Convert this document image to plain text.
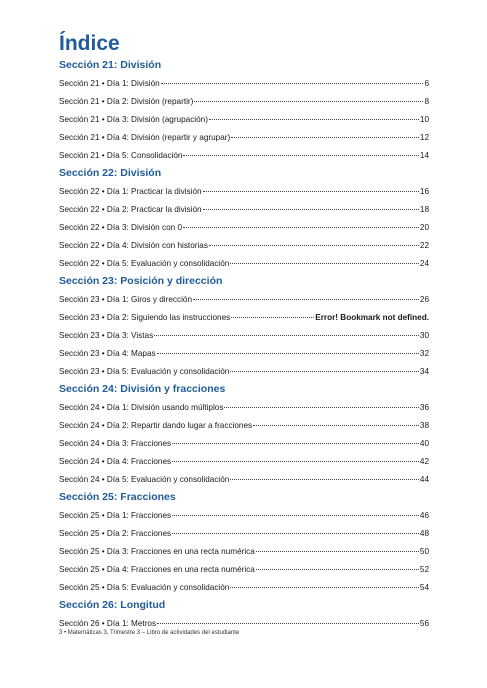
Índice
Sección 21: División
Sección 21 • Día 1: División	6
Sección 21 • Día 2: División (repartir)	8
Sección 21 • Día 3: División (agrupación)	10
Sección 21 • Día 4: División (repartir y agrupar)	12
Sección 21 • Día 5: Consolidación	14
Sección 22: División
Sección 22 • Día 1: Practicar la división	16
Sección 22 • Día 2: Practicar la división	18
Sección 22 • Día 3: División con 0	20
Sección 22 • Día 4: División con historias	22
Sección 22 • Día 5: Evaluación y consolidación	24
Sección 23: Posición y dirección
Sección 23 • Día 1: Giros y dirección	26
Sección 23 • Día 2: Siguiendo las instrucciones	Error! Bookmark not defined.
Sección 23 • Día 3: Vistas	30
Sección 23 • Día 4: Mapas	32
Sección 23 • Día 5: Evaluación y consolidación	34
Sección 24: División y fracciones
Sección 24 • Día 1: División usando múltiplos	36
Sección 24 • Día 2: Repartir dando lugar a fracciones	38
Sección 24 • Día 3: Fracciones	40
Sección 24 • Día 4: Fracciones	42
Sección 24 • Día 5: Evaluación y consolidación	44
Sección 25: Fracciones
Sección 25 • Día 1: Fracciones	46
Sección 25 • Día 2: Fracciones	48
Sección 25 • Día 3: Fracciones en una recta numérica	50
Sección 25 • Día 4: Fracciones en una recta numérica	52
Sección 25 • Día 5: Evaluación y consolidación	54
Sección 26: Longitud
Sección 26 • Día 1: Metros	56
3 • Matemáticas 3, Trimestre 3 – Libro de actividades del estudiante
